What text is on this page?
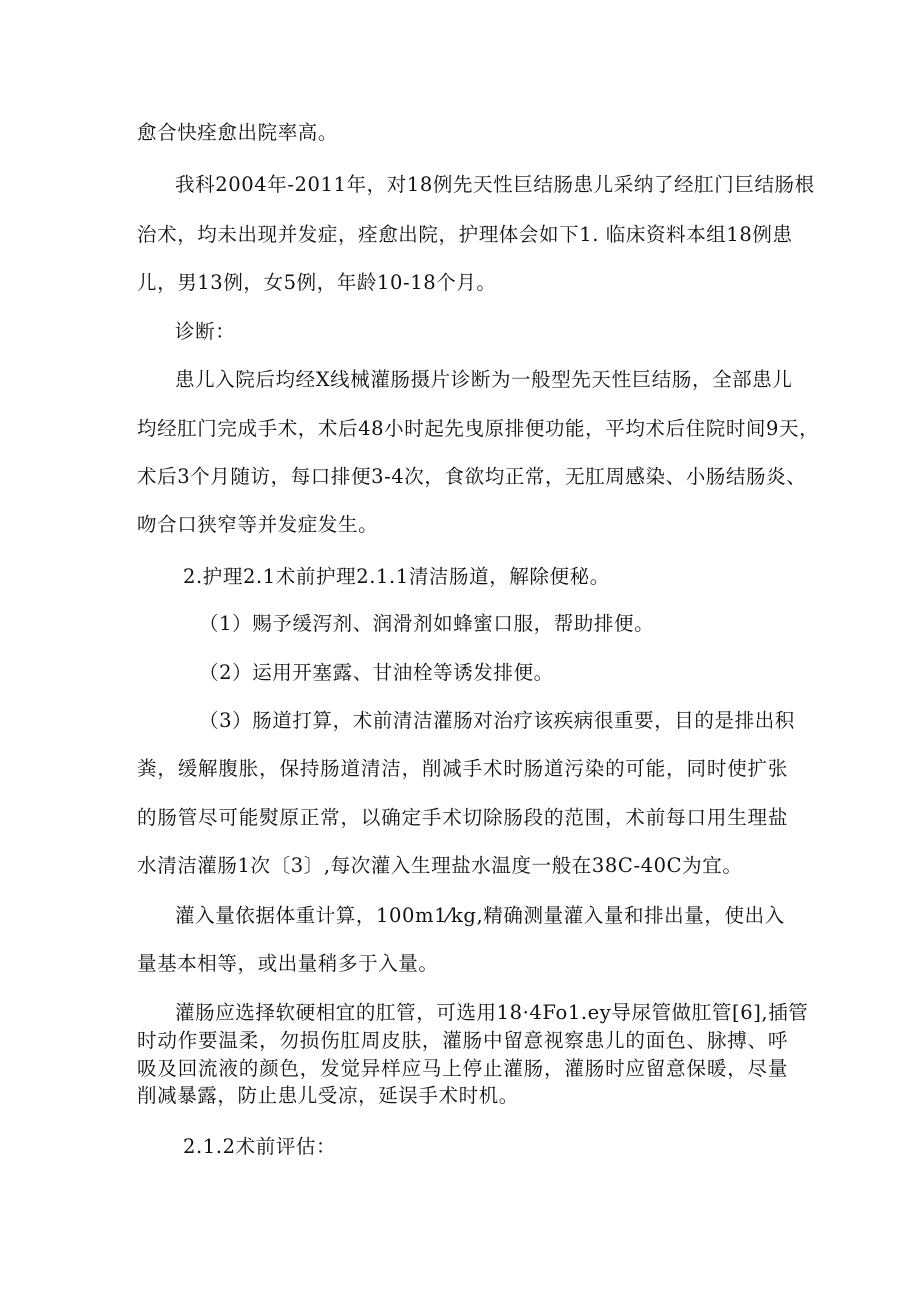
愈合快痊愈出院率高。
我科2004年-2011年，对18例先天性巨结肠患儿采纳了经肛门巨结肠根
治术，均未出现并发症，痊愈出院，护理体会如下1. 临床资料本组18例患
儿，男13例，女5例，年龄10-18个月。
诊断：
患儿入院后均经X线械灌肠摄片诊断为一般型先天性巨结肠，全部患儿
均经肛门完成手术，术后48小时起先曳原排便功能，平均术后住院时间9天，
术后3个月随访，每口排便3-4次，食欲均正常，无肛周感染、小肠结肠炎、
吻合口狭窄等并发症发生。
2.护理2.1术前护理2.1.1清洁肠道，解除便秘。
（1）赐予缓泻剂、润滑剂如蜂蜜口服，帮助排便。
（2）运用开塞露、甘油栓等诱发排便。
（3）肠道打算，术前清洁灌肠对治疗该疾病很重要，目的是排出积
粪，缓解腹胀，保持肠道清洁，削减手术时肠道污染的可能，同时使扩张
的肠管尽可能熨原正常，以确定手术切除肠段的范围，术前每口用生理盐
水清洁灌肠1次〔3〕,每次灌入生理盐水温度一般在38C-40C为宜。
灌入量依据体重计算，100m1⁄kg,精确测量灌入量和排出量，使出入
量基本相等，或出量稍多于入量。
灌肠应选择软硬相宜的肛管，可选用18·4Fo1.ey导尿管做肛管[6],插管
时动作要温柔，勿损伤肛周皮肤，灌肠中留意视察患儿的面色、脉搏、呼
吸及回流液的颜色，发觉异样应马上停止灌肠，灌肠时应留意保暖，尽量
削减暴露，防止患儿受凉，延误手术时机。
2.1.2术前评估：
